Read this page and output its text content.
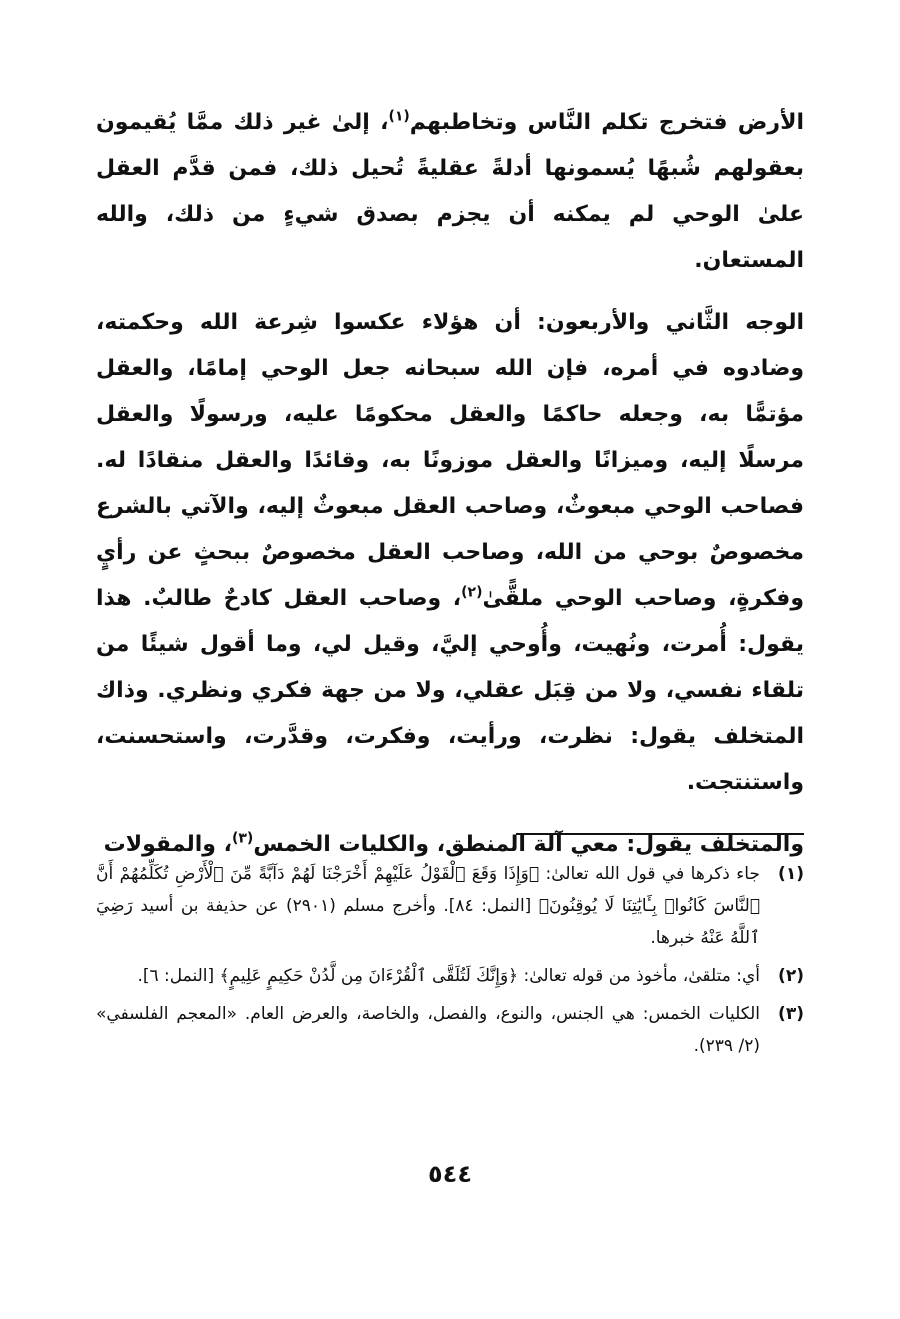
الأرض فتخرج تكلم النَّاس وتخاطبهم$^{(١)}$، إلىٰ غير ذلك ممَّا يُقيمون بعقولهم شُبهًا يُسمونها أدلةً عقليةً تُحيل ذلك، فمن قدَّم العقل علىٰ الوحي لم يمكنه أن يجزم بصدق شيءٍ من ذلك، والله المستعان.

الوجه الثَّاني والأربعون: أن هؤلاء عكسوا شِرعة الله وحكمته، وضادوه في أمره، فإن الله سبحانه جعل الوحي إمامًا، والعقل مؤتمًّا به، وجعله حاكمًا والعقل محكومًا عليه، ورسولًا والعقل مرسلًا إليه، وميزانًا والعقل موزونًا به، وقائدًا والعقل منقادًا له. فصاحب الوحي مبعوثٌ، وصاحب العقل مبعوثٌ إليه، والآتي بالشرع مخصوصٌ بوحي من الله، وصاحب العقل مخصوصٌ ببحثٍ عن رأيٍ وفكرةٍ، وصاحب الوحي ملقًّىٰ$^{(٢)}$، وصاحب العقل كادحٌ طالبٌ. هذا يقول: أُمرت، ونُهيت، وأُوحي إليَّ، وقيل لي، وما أقول شيئًا من تلقاء نفسي، ولا من قِبَل عقلي، ولا من جهة فكري ونظري. وذاك المتخلف يقول: نظرت، ورأيت، وفكرت، وقدَّرت، واستحسنت، واستنتجت.

والمتخلف يقول: معي آلة المنطق، والكليات الخمس$^{(٣)}$، والمقولات

(١)
جاء ذكرها في قول الله تعالىٰ: ﴿وَإِذَا وَقَعَ ٱلْقَوْلُ عَلَيْهِمْ أَخْرَجْنَا لَهُمْ دَآبَّةً مِّنَ ٱلْأَرْضِ تُكَلِّمُهُمْ أَنَّ ٱلنَّاسَ كَانُوا۟ بِـَٔايَٰتِنَا لَا يُوقِنُونَ﴾ [النمل: ٨٤]. وأخرج مسلم (٢٩٠١) عن حذيفة بن أسيد رَضِيَ ٱللَّهُ عَنْهُ خبرها.
(٢)
أي: متلقىٰ، مأخوذ من قوله تعالىٰ: ﴿وَإِنَّكَ لَتُلَقَّى ٱلْقُرْءَانَ مِن لَّدُنْ حَكِيمٍ عَلِيمٍ﴾ [النمل: ٦].
(٣)
الكليات الخمس: هي الجنس، والنوع، والفصل، والخاصة، والعرض العام. «المعجم الفلسفي» (٢/ ٢٣٩).
٥٤٤
